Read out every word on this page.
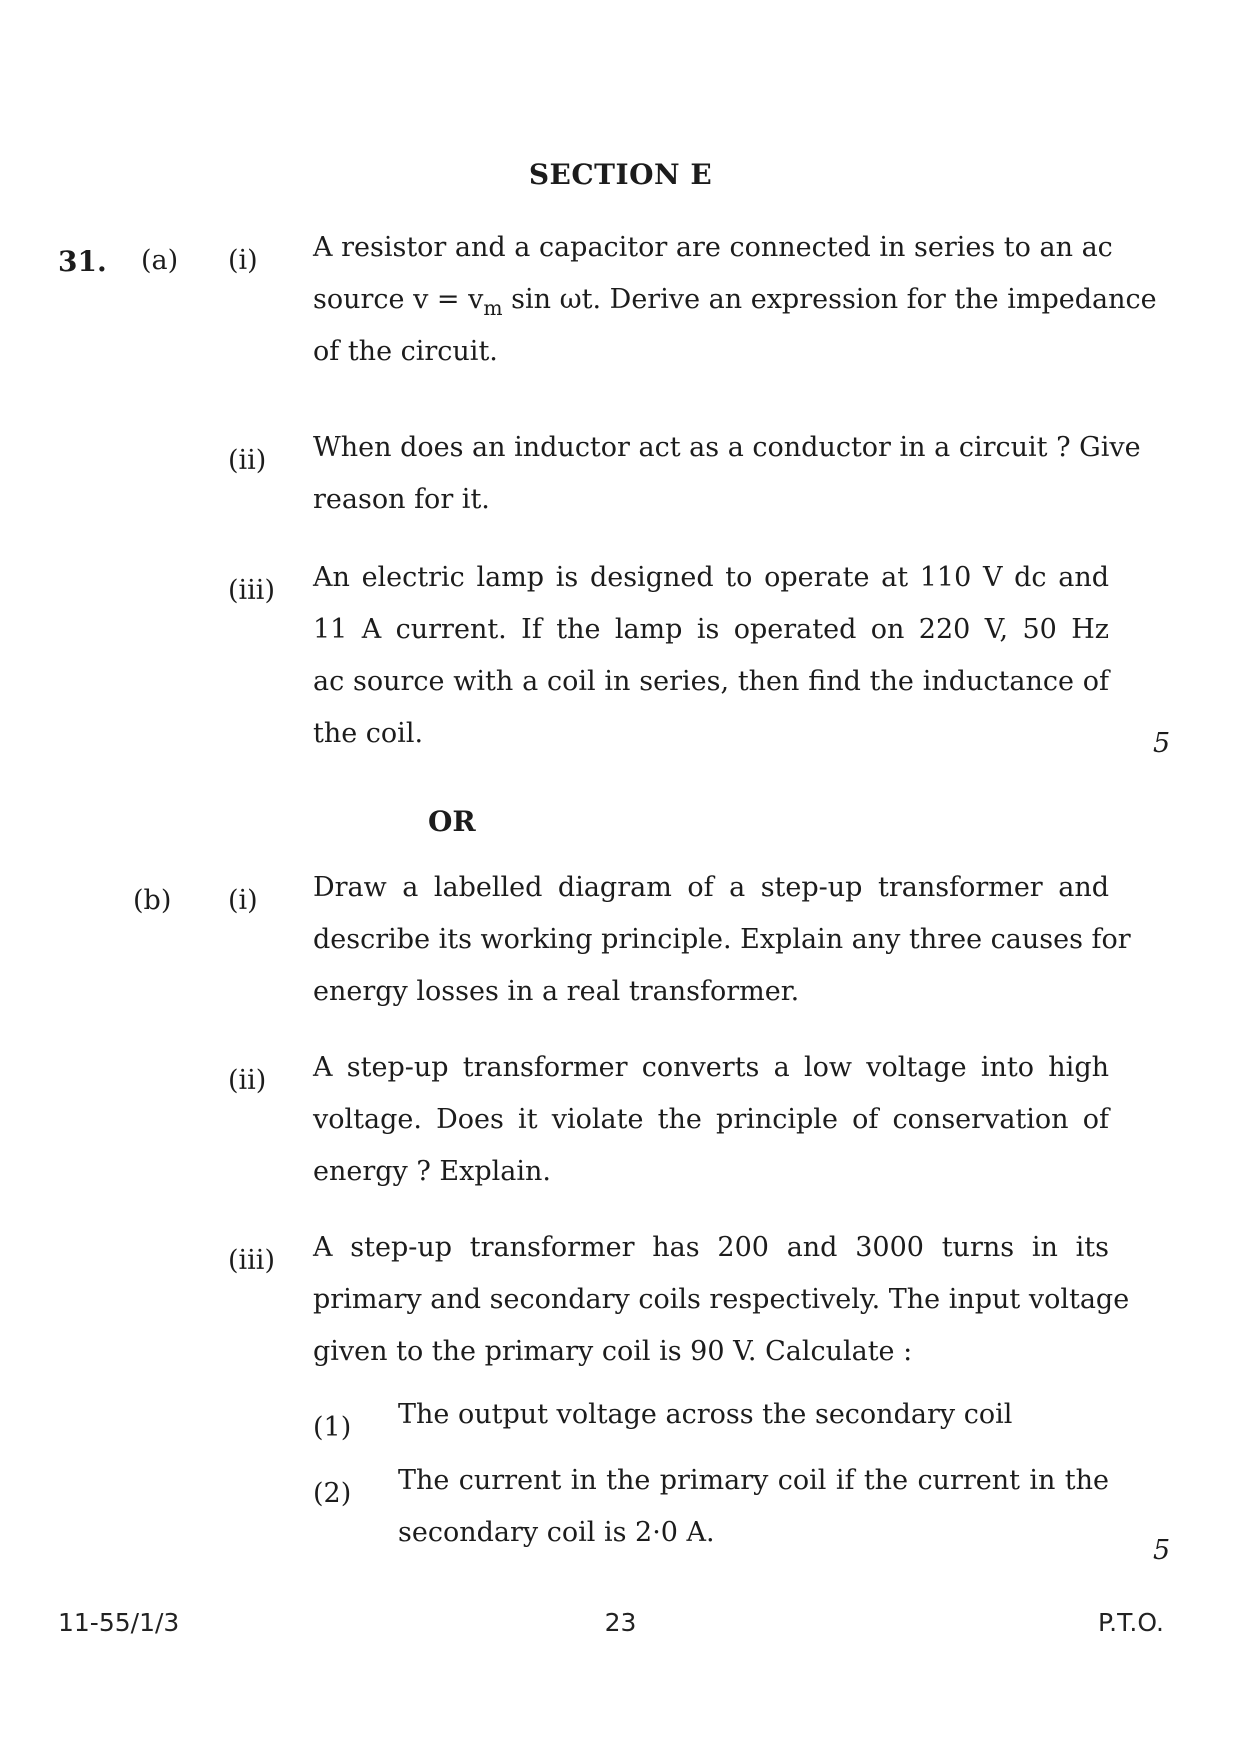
SECTION E
31. (a) (i) A resistor and a capacitor are connected in series to an ac
source $v = v_m$ sin ωt. Derive an expression for the impedance
of the circuit.
(ii) When does an inductor act as a conductor in a circuit ? Give
reason for it.
(iii) An electric lamp is designed to operate at 110 V dc and
11 A current. If the lamp is operated on 220 V, 50 Hz
ac source with a coil in series, then find the inductance of
the coil.	5
OR
(b) (i) Draw a labelled diagram of a step-up transformer and
describe its working principle. Explain any three causes for
energy losses in a real transformer.
(ii) A step-up transformer converts a low voltage into high
voltage. Does it violate the principle of conservation of
energy ? Explain.
(iii) A step-up transformer has 200 and 3000 turns in its
primary and secondary coils respectively. The input voltage
given to the primary coil is 90 V. Calculate :
(1) The output voltage across the secondary coil
(2) The current in the primary coil if the current in the
secondary coil is 2·0 A.
5
11-55/1/3	23	P.T.O.
